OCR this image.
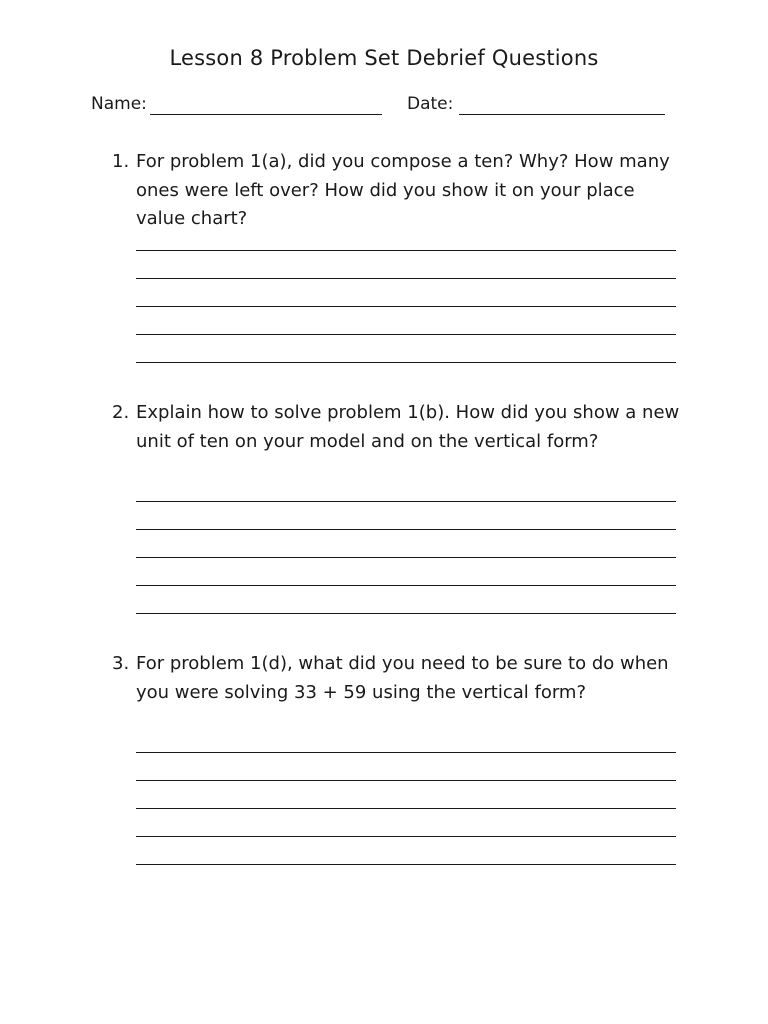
Lesson 8 Problem Set Debrief Questions
Name:	Date:
1. For problem 1(a), did you compose a ten? Why? How many ones were left over? How did you show it on your place value chart?
2. Explain how to solve problem 1(b). How did you show a new unit of ten on your model and on the vertical form?
3. For problem 1(d), what did you need to be sure to do when you were solving 33 + 59 using the vertical form?
